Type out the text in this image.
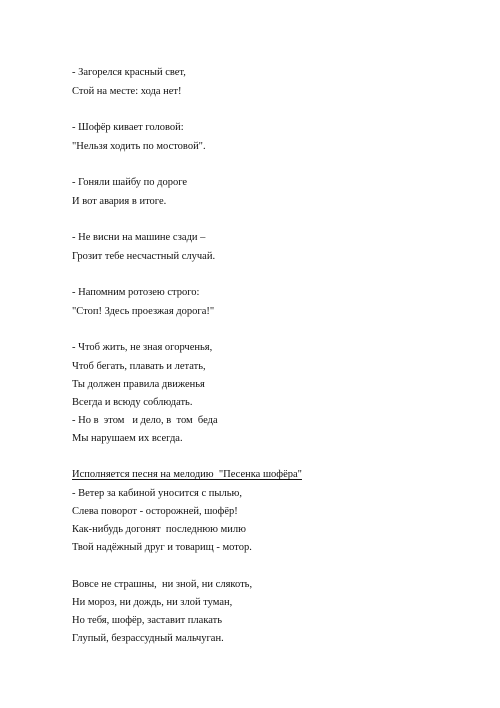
- Загорелся красный свет,

Стой на месте: хода нет!

- Шофёр кивает головой:

"Нельзя ходить по мостовой".

- Гоняли шайбу по дороге

И вот авария в итоге.

- Не висни на машине сзади –

Грозит тебе несчастный случай.

- Напомним ротозею строго:

"Стоп! Здесь проезжая дорога!"

- Чтоб жить, не зная огорченья,

Чтоб бегать, плавать и летать,

Ты должен правила движенья

Всегда и всюду соблюдать.

- Но в  этом   и дело, в  том  беда

Мы нарушаем их всегда.

Исполняется песня на мелодию  "Песенка шофёра"

- Ветер за кабиной уносится с пылью,

Слева поворот - осторожней, шофёр!

Как-нибудь догонят  последнюю милю

Твой надёжный друг и товарищ - мотор.

Вовсе не страшны,  ни зной, ни слякоть,

Ни мороз, ни дождь, ни злой туман,

Но тебя, шофёр, заставит плакать

Глупый, безрассудный мальчуган.
